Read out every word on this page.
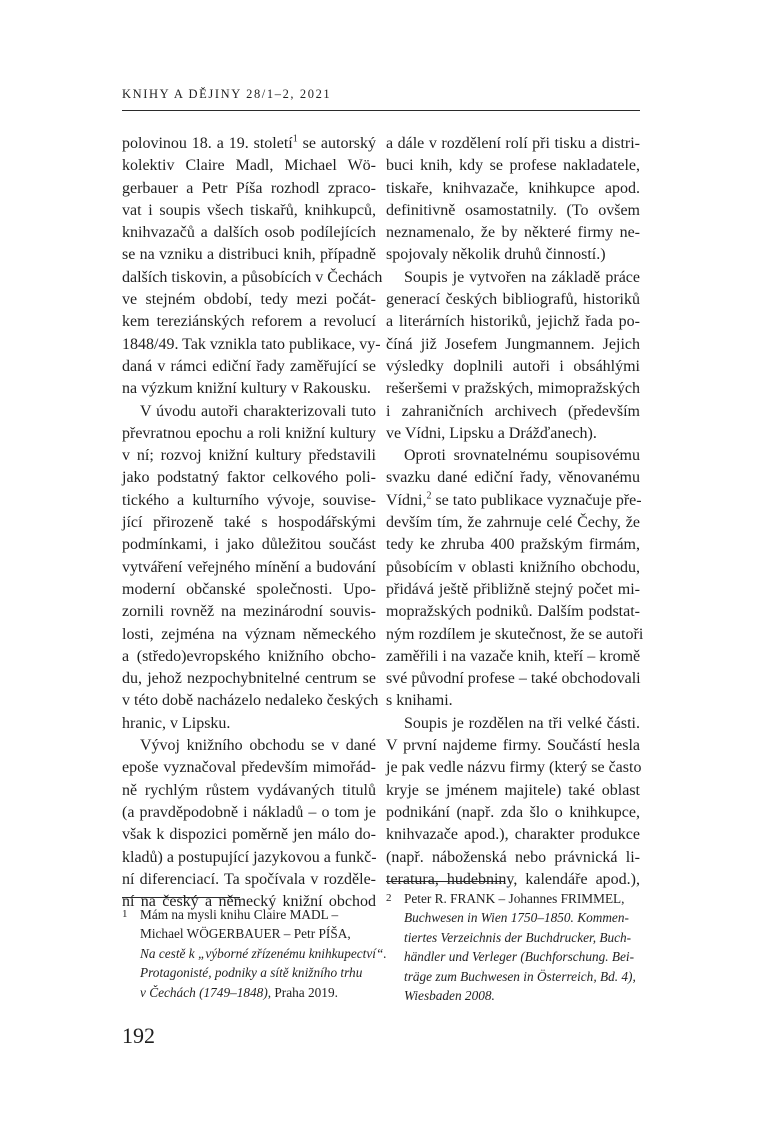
KNIHY A DĚJINY 28/1–2, 2021
polovinou 18. a 19. století$^1$ se autorský
kolektiv Claire Madl, Michael Wö-
gerbauer a Petr Píša rozhodl zpraco-
vat i soupis všech tiskařů, knihkupců,
knihvazačů a dalších osob podílejících
se na vzniku a distribuci knih, případně
dalších tiskovin, a působících v Čechách
ve stejném období, tedy mezi počát-
kem tereziánských reforem a revolucí
1848/49. Tak vznikla tato publikace, vy-
daná v rámci ediční řady zaměřující se
na výzkum knižní kultury v Rakousku.
V úvodu autoři charakterizovali tuto
převratnou epochu a roli knižní kultury
v ní; rozvoj knižní kultury představili
jako podstatný faktor celkového poli-
tického a kulturního vývoje, souvise-
jící přirozeně také s hospodářskými
podmínkami, i jako důležitou součást
vytváření veřejného mínění a budování
moderní občanské společnosti. Upo-
zornili rovněž na mezinárodní souvis-
losti, zejména na význam německého
a (středo)evropského knižního obcho-
du, jehož nezpochybnitelné centrum se
v této době nacházelo nedaleko českých
hranic, v Lipsku.
Vývoj knižního obchodu se v dané
epoše vyznačoval především mimořád-
ně rychlým růstem vydávaných titulů
(a pravděpodobně i nákladů – o tom je
však k dispozici poměrně jen málo do-
kladů) a postupující jazykovou a funkč-
ní diferenciací. Ta spočívala v rozděle-
ní na český a německý knižní obchod
a dále v rozdělení rolí při tisku a distri-
buci knih, kdy se profese nakladatele,
tiskaře, knihvazače, knihkupce apod.
definitivně osamostatnily. (To ovšem
neznamenalo, že by některé firmy ne-
spojovaly několik druhů činností.)
Soupis je vytvořen na základě práce
generací českých bibliografů, historiků
a literárních historiků, jejichž řada po-
číná již Josefem Jungmannem. Jejich
výsledky doplnili autoři i obsáhlými
rešeršemi v pražských, mimopražských
i zahraničních archivech (především
ve Vídni, Lipsku a Drážďanech).
Oproti srovnatelnému soupisovému
svazku dané ediční řady, věnovanému
Vídni,$^2$ se tato publikace vyznačuje pře-
devším tím, že zahrnuje celé Čechy, že
tedy ke zhruba 400 pražským firmám,
působícím v oblasti knižního obchodu,
přidává ještě přibližně stejný počet mi-
mopražských podniků. Dalším podstat-
ným rozdílem je skutečnost, že se autoři
zaměřili i na vazače knih, kteří – kromě
své původní profese – také obchodovali
s knihami.
Soupis je rozdělen na tři velké části.
V první najdeme firmy. Součástí hesla
je pak vedle názvu firmy (který se často
kryje se jménem majitele) také oblast
podnikání (např. zda šlo o knihkupce,
knihvazače apod.), charakter produkce
(např. náboženská nebo právnická li-
teratura, hudebniny, kalendáře apod.),
1 Mám na mysli knihu Claire MADL –
Michael WÖGERBAUER – Petr PÍŠA,
Na cestě k „výborné zřízenému knihkupectví“.
Protagonisté, podniky a sítě knižního trhu
v Čechách (1749–1848), Praha 2019.
2 Peter R. FRANK – Johannes FRIMMEL,
Buchwesen in Wien 1750–1850. Kommen-
tiertes Verzeichnis der Buchdrucker, Buch-
händler und Verleger (Buchforschung. Bei-
träge zum Buchwesen in Österreich, Bd. 4),
Wiesbaden 2008.
192
